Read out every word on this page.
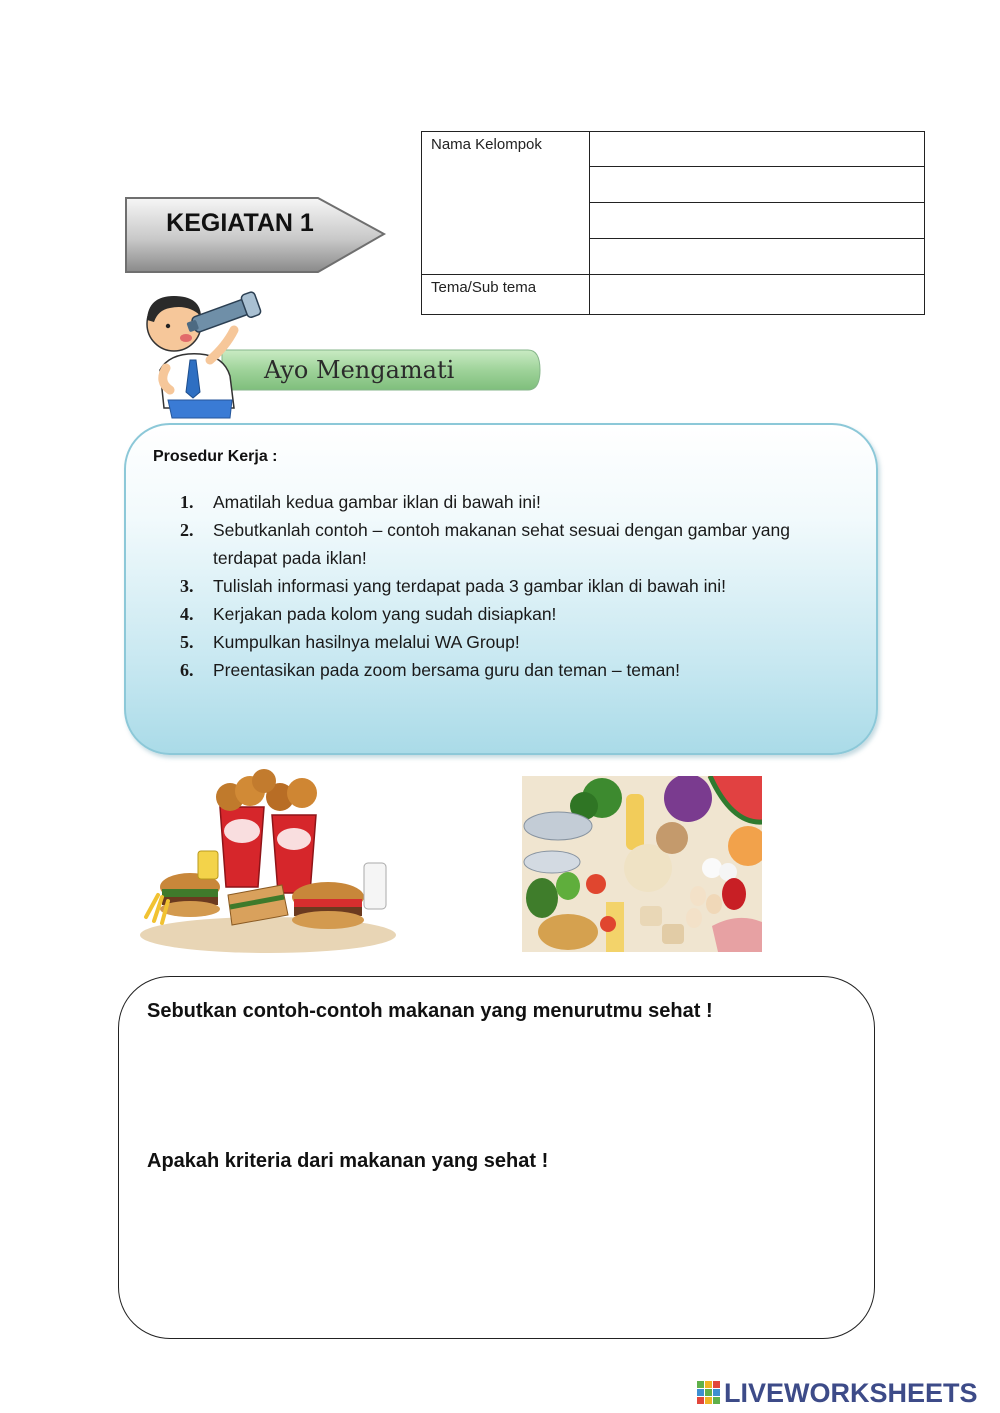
KEGIATAN 1
Nama Kelompok	

Tema/Sub tema	
Ayo Mengamati
Prosedur Kerja :
1. Amatilah kedua gambar iklan di bawah ini!
2. Sebutkanlah contoh – contoh makanan sehat sesuai dengan gambar yang terdapat pada iklan!
3. Tulislah informasi yang terdapat pada 3 gambar iklan di bawah ini!
4. Kerjakan pada kolom yang sudah disiapkan!
5. Kumpulkan hasilnya melalui WA Group!
6. Preentasikan pada zoom bersama guru dan teman – teman!
Sebutkan contoh-contoh makanan yang menurutmu sehat !
Apakah kriteria dari makanan yang sehat !
LIVEWORKSHEETS
